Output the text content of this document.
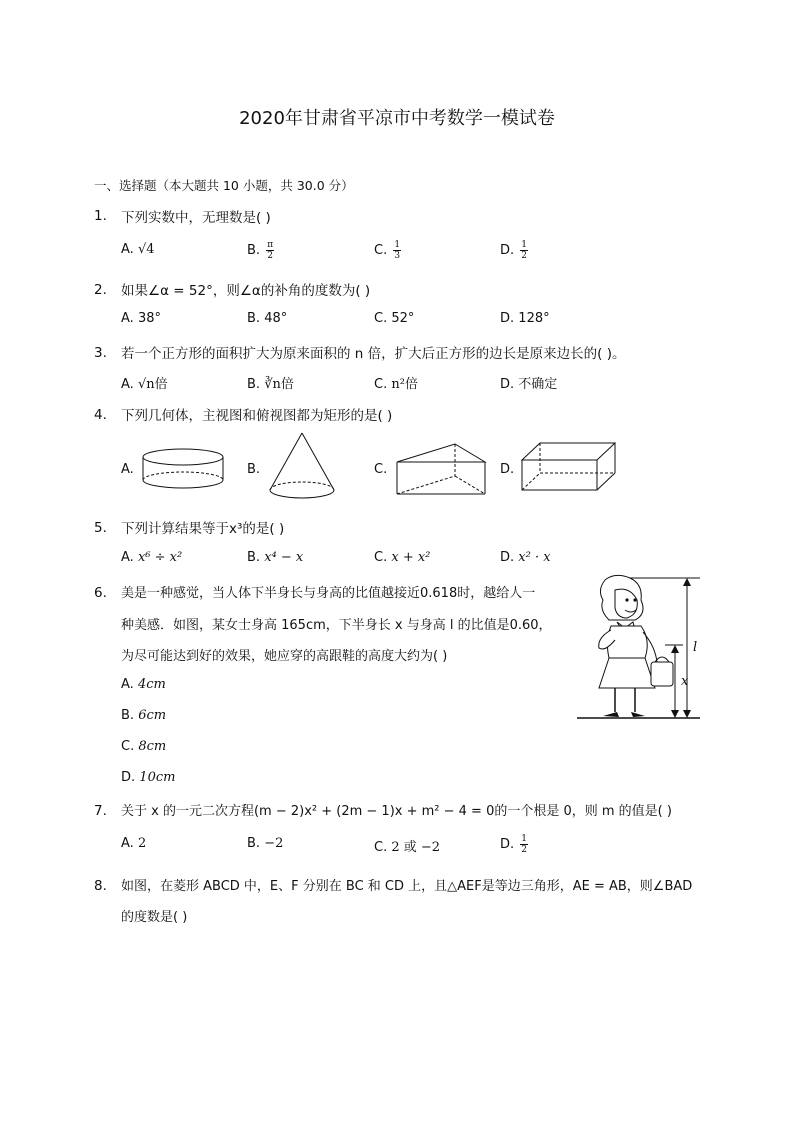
2020年甘肃省平凉市中考数学一模试卷
一、选择题（本大题共 10 小题，共 30.0 分）
1. 下列实数中，无理数是( )
A. √4	B. $\frac{\pi}{2}$	C. $\frac{1}{3}$	D. $\frac{1}{2}$
2. 如果∠α = 52°，则∠α的补角的度数为( )
A. 38°	B. 48°	C. 52°	D. 128°
3. 若一个正方形的面积扩大为原来面积的 n 倍，扩大后正方形的边长是原来边长的( )。
A. √n倍	B. ∛n倍	C. n²倍	D. 不确定
4. 下列几何体，主视图和俯视图都为矩形的是( )
A.	B.	C.	D.
5. 下列计算结果等于x³的是( )
A. x⁶ ÷ x²	B. x⁴ − x	C. x + x²	D. x² · x
6. 美是一种感觉，当人体下半身长与身高的比值越接近0.618时，越给人一
种美感．如图，某女士身高 165cm，下半身长 x 与身高 l 的比值是0.60，
为尽可能达到好的效果，她应穿的高跟鞋的高度大约为( )
A. 4cm
B. 6cm
C. 8cm
D. 10cm
l
x
7. 关于 x 的一元二次方程(m − 2)x² + (2m − 1)x + m² − 4 = 0的一个根是 0，则 m 的值是( )
A. 2	B. −2	C. 2 或 −2	D. $\frac{1}{2}$
8. 如图，在菱形 ABCD 中，E、F 分别在 BC 和 CD 上，且△AEF是等边三角形，AE = AB，则∠BAD
的度数是( )
